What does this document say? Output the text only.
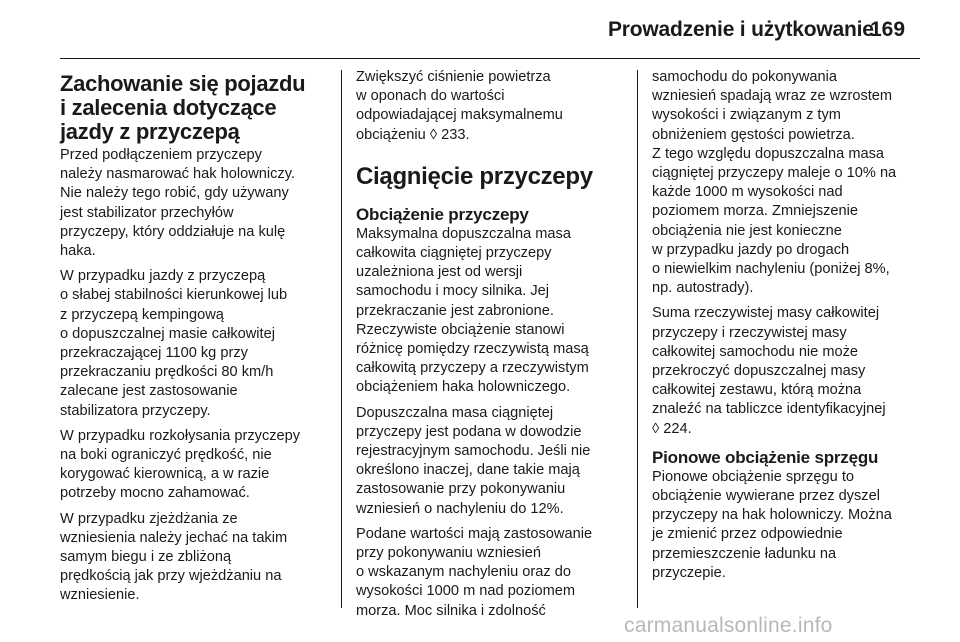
Prowadzenie i użytkowanie
169
Zachowanie się pojazdu
i zalecenia dotyczące
jazdy z przyczepą

Przed podłączeniem przyczepy
należy nasmarować hak holowniczy.
Nie należy tego robić, gdy używany
jest stabilizator przechyłów
przyczepy, który oddziałuje na kulę
haka.

W przypadku jazdy z przyczepą
o słabej stabilności kierunkowej lub
z przyczepą kempingową
o dopuszczalnej masie całkowitej
przekraczającej 1100 kg przy
przekraczaniu prędkości 80 km/h
zalecane jest zastosowanie
stabilizatora przyczepy.

W przypadku rozkołysania przyczepy
na boki ograniczyć prędkość, nie
korygować kierownicą, a w razie
potrzeby mocno zahamować.

W przypadku zjeżdżania ze
wzniesienia należy jechać na takim
samym biegu i ze zbliżoną
prędkością jak przy wjeżdżaniu na
wzniesienie.

Zwiększyć ciśnienie powietrza
w oponach do wartości
odpowiadającej maksymalnemu
obciążeniu ◊ 233.

Ciągnięcie przyczepy
Obciążenie przyczepy

Maksymalna dopuszczalna masa
całkowita ciągniętej przyczepy
uzależniona jest od wersji
samochodu i mocy silnika. Jej
przekraczanie jest zabronione.
Rzeczywiste obciążenie stanowi
różnicę pomiędzy rzeczywistą masą
całkowitą przyczepy a rzeczywistym
obciążeniem haka holowniczego.

Dopuszczalna masa ciągniętej
przyczepy jest podana w dowodzie
rejestracyjnym samochodu. Jeśli nie
określono inaczej, dane takie mają
zastosowanie przy pokonywaniu
wzniesień o nachyleniu do 12%.

Podane wartości mają zastosowanie
przy pokonywaniu wzniesień
o wskazanym nachyleniu oraz do
wysokości 1000 m nad poziomem
morza. Moc silnika i zdolność

samochodu do pokonywania
wzniesień spadają wraz ze wzrostem
wysokości i związanym z tym
obniżeniem gęstości powietrza.
Z tego względu dopuszczalna masa
ciągniętej przyczepy maleje o 10% na
każde 1000 m wysokości nad
poziomem morza. Zmniejszenie
obciążenia nie jest konieczne
w przypadku jazdy po drogach
o niewielkim nachyleniu (poniżej 8%,
np. autostrady).

Suma rzeczywistej masy całkowitej
przyczepy i rzeczywistej masy
całkowitej samochodu nie może
przekroczyć dopuszczalnej masy
całkowitej zestawu, którą można
znaleźć na tabliczce identyfikacyjnej
◊ 224.

Pionowe obciążenie sprzęgu

Pionowe obciążenie sprzęgu to
obciążenie wywierane przez dyszel
przyczepy na hak holowniczy. Można
je zmienić przez odpowiednie
przemieszczenie ładunku na
przyczepie.

carmanualsonline.info
